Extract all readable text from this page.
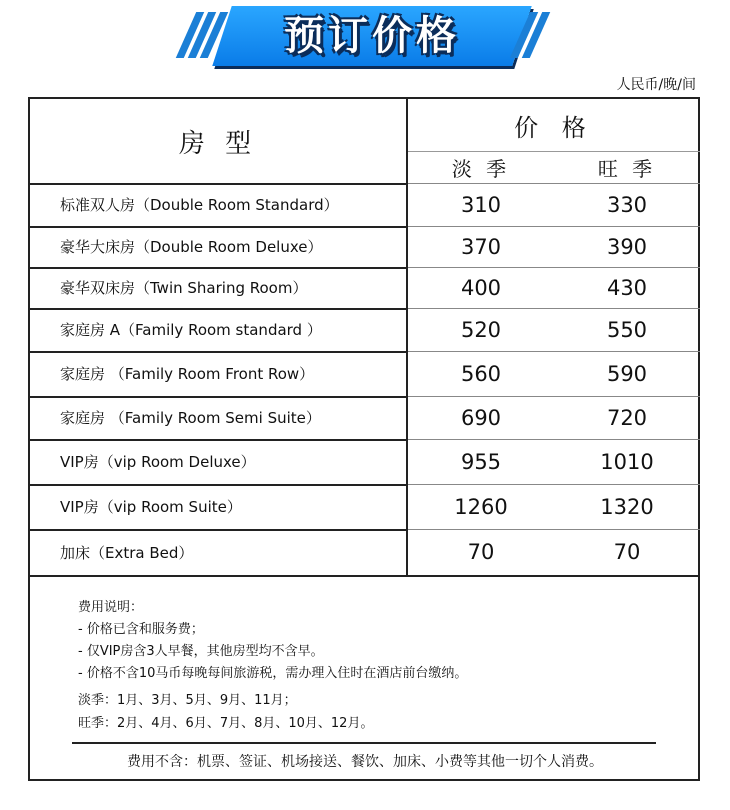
预订价格
人民币/晚/间
房 型
价 格
淡 季	旺 季
标准双人房（Double Room Standard）	310	330
豪华大床房（Double Room Deluxe）	370	390
豪华双床房（Twin Sharing Room）	400	430
家庭房 A（Family Room standard ）	520	550
家庭房 （Family Room Front Row）	560	590
家庭房 （Family Room Semi Suite）	690	720
VIP房（vip Room Deluxe）	955	1010
VIP房（vip Room Suite）	1260	1320
加床（Extra Bed）	70	70
费用说明：
- 价格已含和服务费；
- 仅VIP房含3人早餐，其他房型均不含早。
- 价格不含10马币每晚每间旅游税，需办理入住时在酒店前台缴纳。
淡季：1月、3月、5月、9月、11月；
旺季：2月、4月、6月、7月、8月、10月、12月。
费用不含：机票、签证、机场接送、餐饮、加床、小费等其他一切个人消费。
